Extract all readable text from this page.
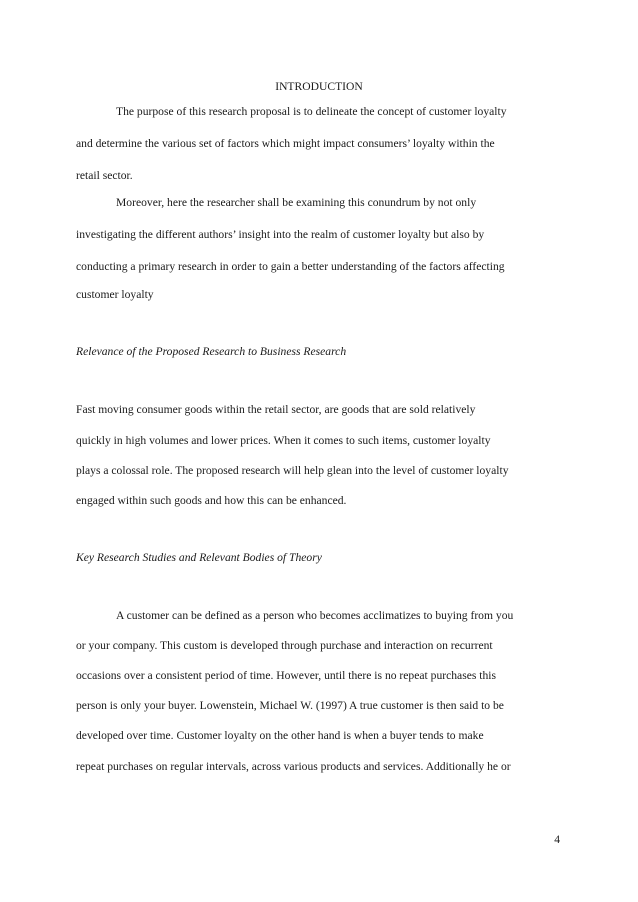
INTRODUCTION
The purpose of this research proposal is to delineate the concept of customer loyalty
and determine the various set of factors which might impact consumers’ loyalty within the
retail sector.
Moreover, here the researcher shall be examining this conundrum by not only
investigating the different authors’ insight into the realm of customer loyalty but also by
conducting a primary research in order to gain a better understanding of the factors affecting
customer loyalty
Relevance of the Proposed Research to Business Research
Fast moving consumer goods within the retail sector, are goods that are sold relatively
quickly in high volumes and lower prices. When it comes to such items, customer loyalty
plays a colossal role. The proposed research will help glean into the level of customer loyalty
engaged within such goods and how this can be enhanced.
Key Research Studies and Relevant Bodies of Theory
A customer can be defined as a person who becomes acclimatizes to buying from you
or your company. This custom is developed through purchase and interaction on recurrent
occasions over a consistent period of time. However, until there is no repeat purchases this
person is only your buyer. Lowenstein, Michael W. (1997) A true customer is then said to be
developed over time. Customer loyalty on the other hand is when a buyer tends to make
repeat purchases on regular intervals, across various products and services. Additionally he or
4
